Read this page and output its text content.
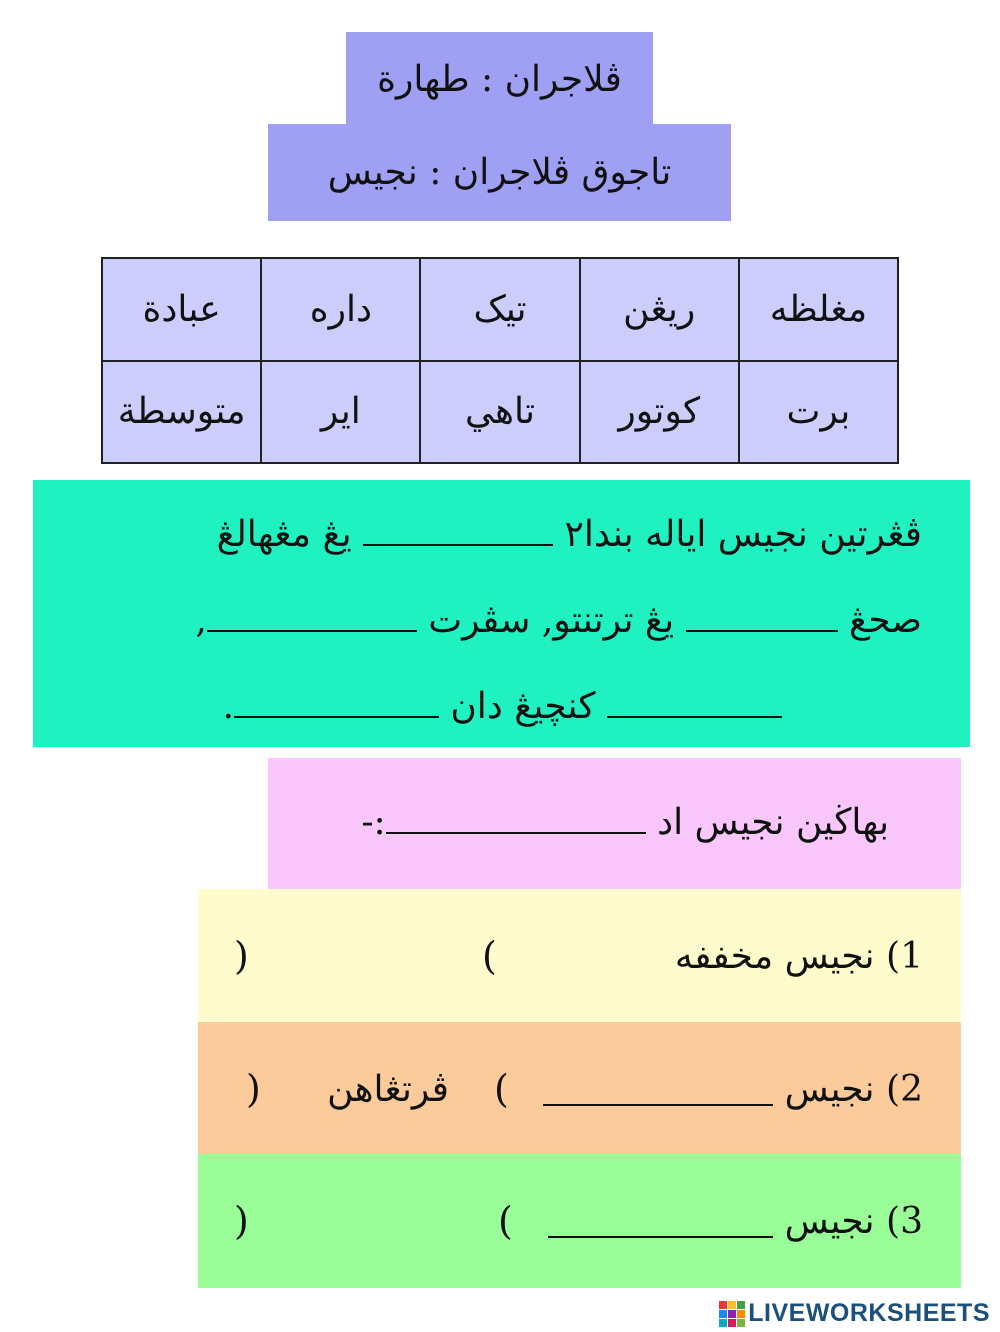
ڤلاجران : طهارة
تاجوق ڤلاجران : نجيس
مغلظه	ريڠن	تيک	داره	عبادة
برت	كوتور	تاهي	اير	متوسطة
ڤڠرتين نجيس اياله بندا٢  يڠ مڠهالڠ
صحڠ  يڠ ترتنتو, سڤرت ,
كنچيڠ دان .
بهاڬين نجيس اد :-
1)

نجيس مخففه
)
(
2)

نجيس

)
ڤرتڠاهن
(
3)

نجيس

)
(
LIVEWORKSHEETS
